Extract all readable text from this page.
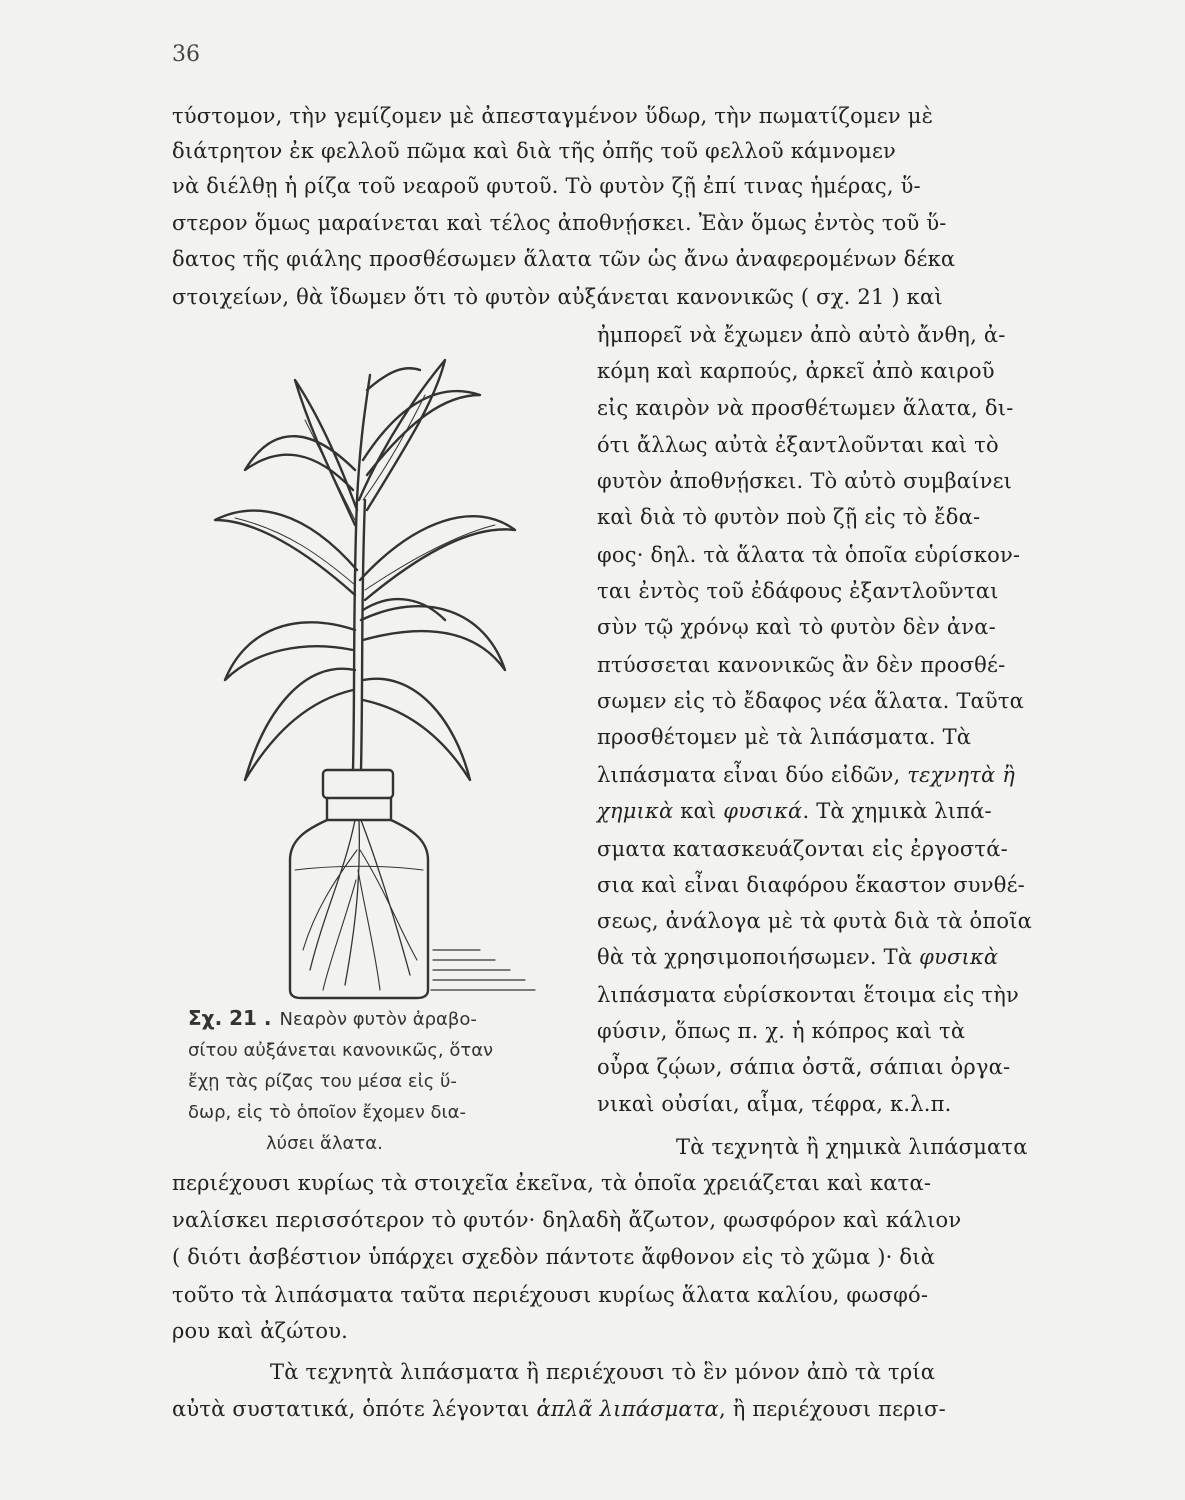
36
τύστομον, τὴν γεμίζομεν μὲ ἀπεσταγμένον ὕδωρ, τὴν πωματίζομεν μὲ
διάτρητον ἐκ φελλοῦ πῶμα καὶ διὰ τῆς ὀπῆς τοῦ φελλοῦ κάμνομεν
νὰ διέλθῃ ἡ ρίζα τοῦ νεαροῦ φυτοῦ. Τὸ φυτὸν ζῇ ἐπί τινας ἡμέρας, ὕ-
στερον ὅμως μαραίνεται καὶ τέλος ἀποθνῄσκει. Ἐὰν ὅμως ἐντὸς τοῦ ὕ-
δατος τῆς φιάλης προσθέσωμεν ἅλατα τῶν ὡς ἄνω ἀναφερομένων δέκα
στοιχείων, θὰ ἴδωμεν ὅτι τὸ φυτὸν αὐξάνεται κανονικῶς ( σχ. 21 ) καὶ
ἠμπορεῖ νὰ ἔχωμεν ἀπὸ αὐτὸ ἄνθη, ἀ-
κόμη καὶ καρπούς, ἀρκεῖ ἀπὸ καιροῦ
εἰς καιρὸν νὰ προσθέτωμεν ἅλατα, δι-
ότι ἄλλως αὐτὰ ἐξαντλοῦνται καὶ τὸ
φυτὸν ἀποθνῄσκει. Τὸ αὐτὸ συμβαίνει
καὶ διὰ τὸ φυτὸν ποὺ ζῇ εἰς τὸ ἔδα-
φος· δηλ. τὰ ἅλατα τὰ ὁποῖα εὑρίσκον-
ται ἐντὸς τοῦ ἐδάφους ἐξαντλοῦνται
σὺν τῷ χρόνῳ καὶ τὸ φυτὸν δὲν ἀνα-
πτύσσεται κανονικῶς ἂν δὲν προσθέ-
σωμεν εἰς τὸ ἔδαφος νέα ἅλατα. Ταῦτα
προσθέτομεν μὲ τὰ λιπάσματα. Τὰ
λιπάσματα εἶναι δύο εἰδῶν, τεχνητὰ ἢ
χημικὰ καὶ φυσικά. Τὰ χημικὰ λιπά-
σματα κατασκευάζονται εἰς ἐργοστά-
σια καὶ εἶναι διαφόρου ἕκαστον συνθέ-
σεως, ἀνάλογα μὲ τὰ φυτὰ διὰ τὰ ὁποῖα
θὰ τὰ χρησιμοποιήσωμεν. Τὰ φυσικὰ
λιπάσματα εὑρίσκονται ἕτοιμα εἰς τὴν
φύσιν, ὅπως π. χ. ἡ κόπρος καὶ τὰ
οὖρα ζῴων, σάπια ὀστᾶ, σάπιαι ὀργα-
νικαὶ οὐσίαι, αἷμα, τέφρα, κ.λ.π.
Τὰ τεχνητὰ ἢ χημικὰ λιπάσματα
περιέχουσι κυρίως τὰ στοιχεῖα ἐκεῖνα, τὰ ὁποῖα χρειάζεται καὶ κατα-
ναλίσκει περισσότερον τὸ φυτόν· δηλαδὴ ἄζωτον, φωσφόρον καὶ κάλιον
( διότι ἀσβέστιον ὑπάρχει σχεδὸν πάντοτε ἄφθονον εἰς τὸ χῶμα )· διὰ
τοῦτο τὰ λιπάσματα ταῦτα περιέχουσι κυρίως ἅλατα καλίου, φωσφό-
ρου καὶ ἀζώτου.
Τὰ τεχνητὰ λιπάσματα ἢ περιέχουσι τὸ ἓν μόνον ἀπὸ τὰ τρία
αὐτὰ συστατικά, ὁπότε λέγονται ἁπλᾶ λιπάσματα, ἢ περιέχουσι περισ-
Σχ. 21 . Νεαρὸν φυτὸν ἀραβο-
σίτου αὐξάνεται κανονικῶς, ὅταν
ἔχῃ τὰς ρίζας του μέσα εἰς ὕ-
δωρ, εἰς τὸ ὁποῖον ἔχομεν δια-
λύσει ἅλατα.
